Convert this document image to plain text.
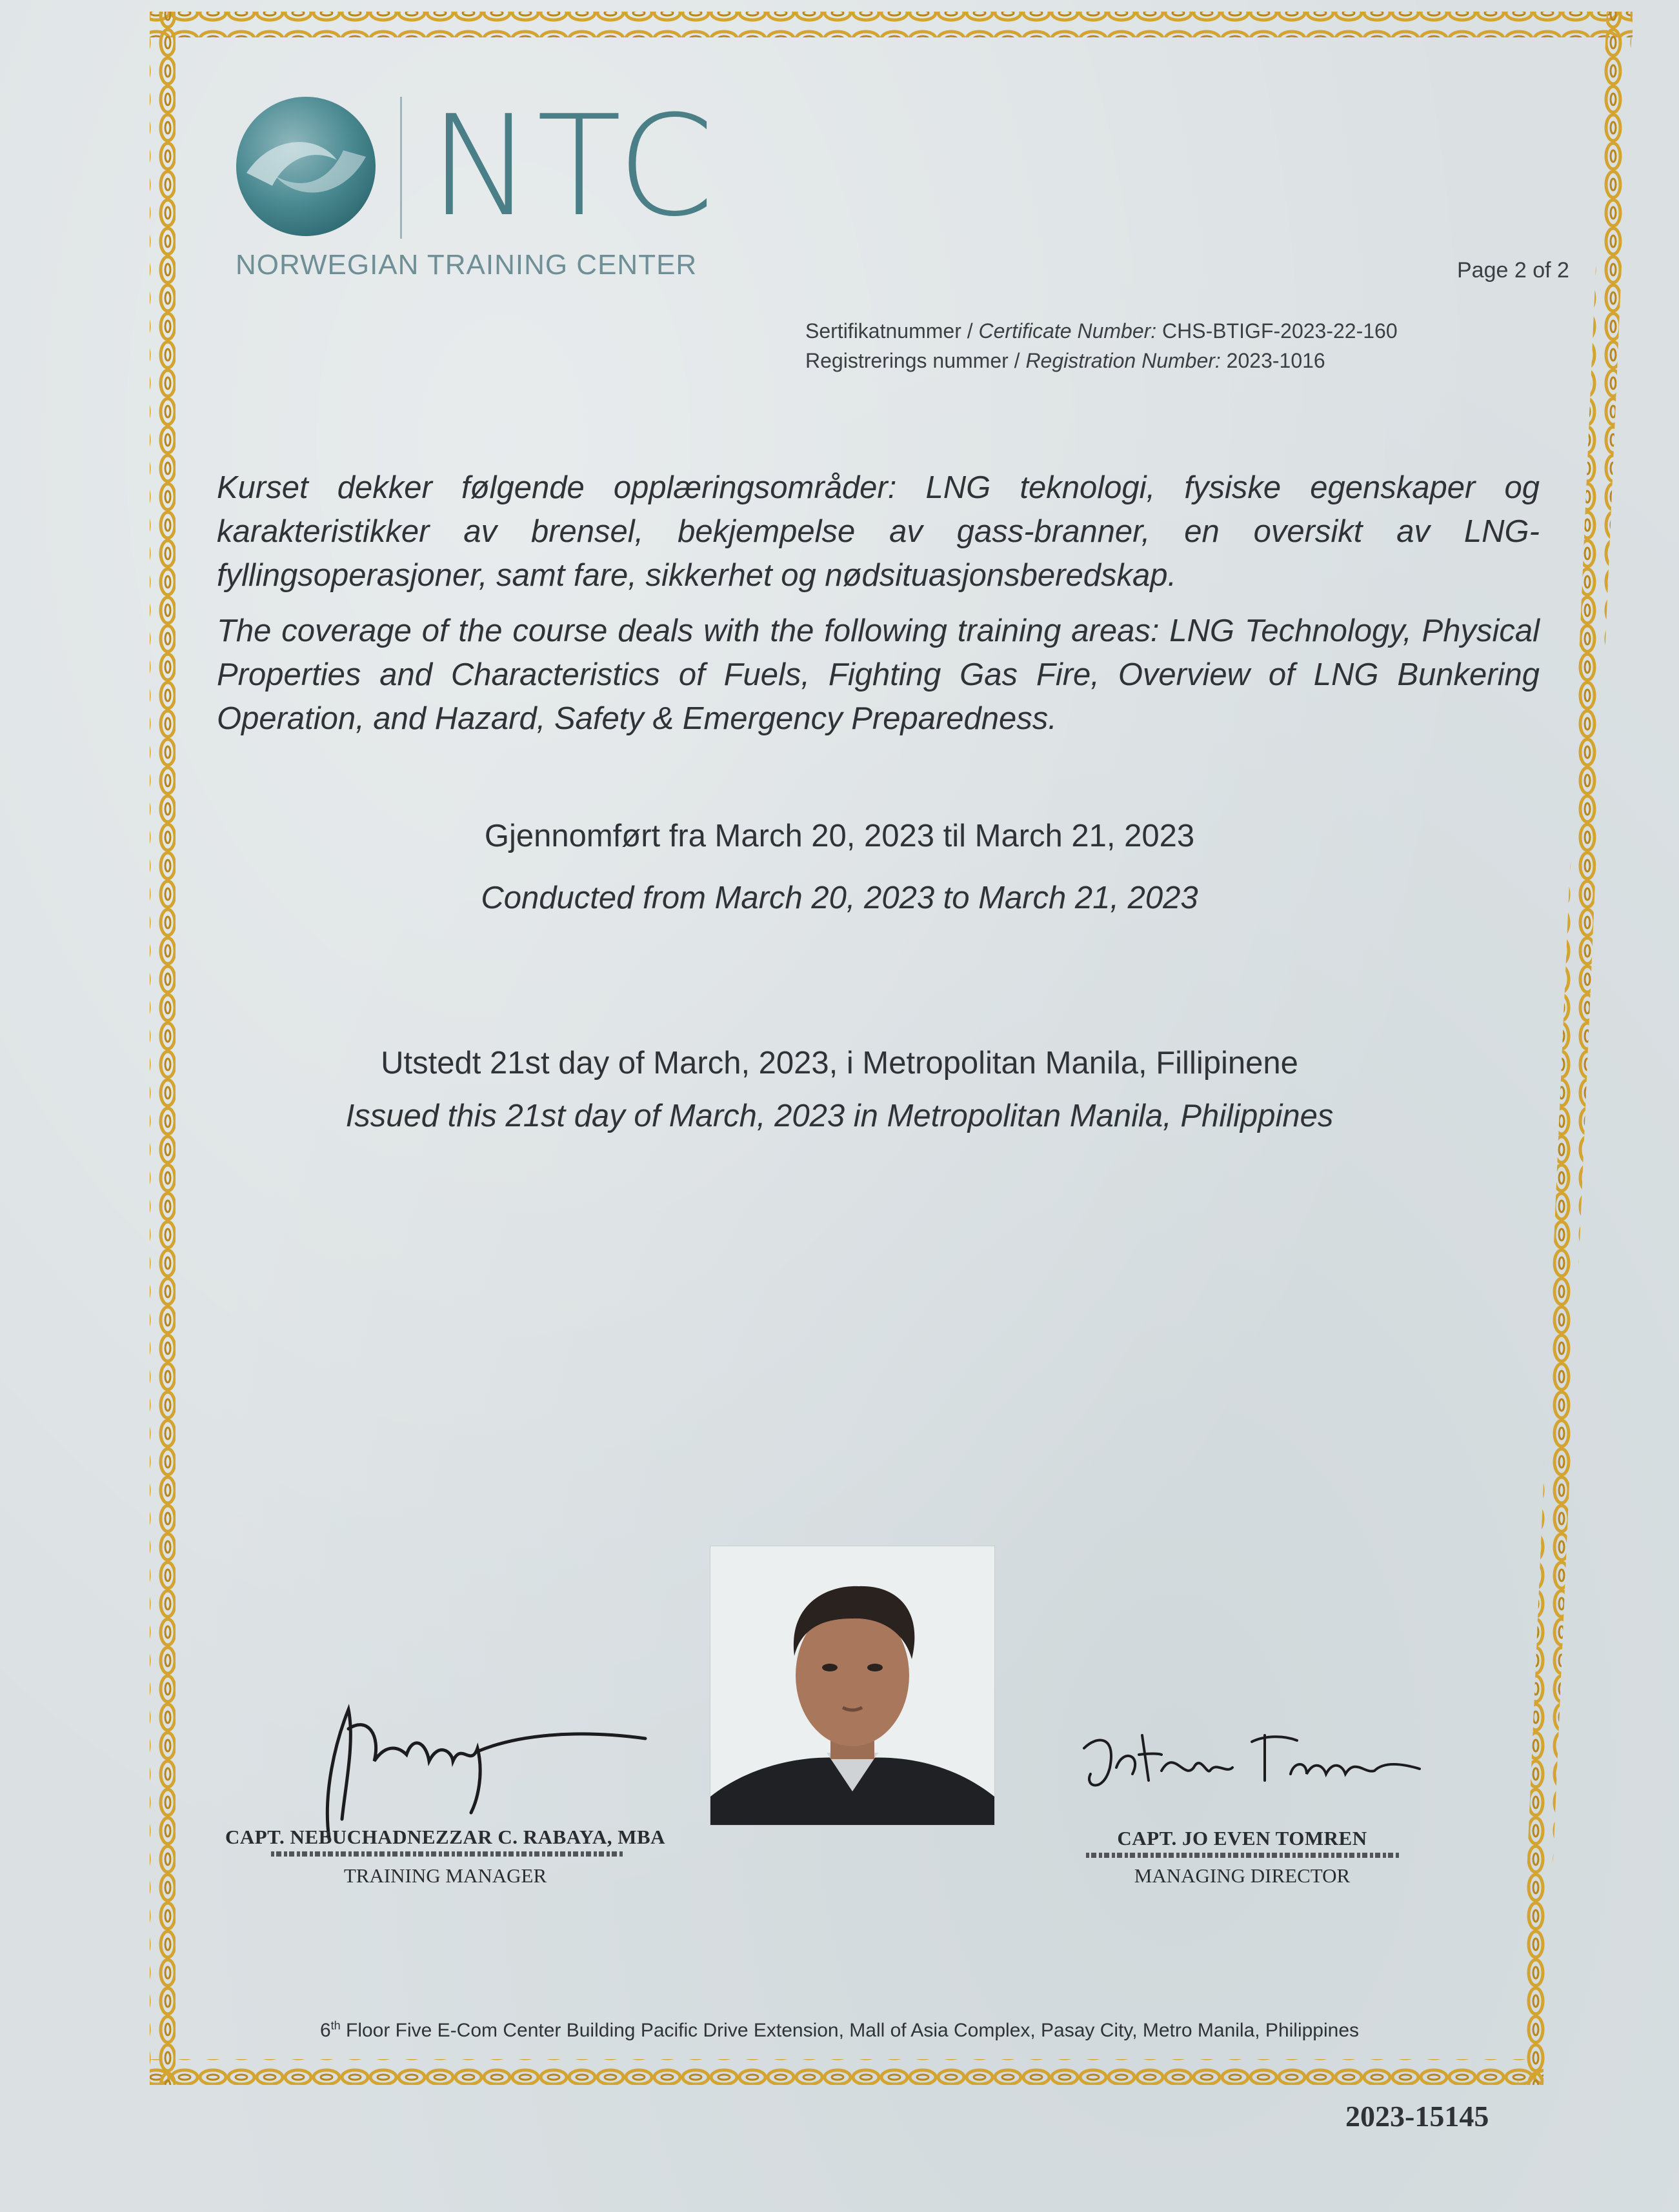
NTC
NORWEGIAN TRAINING CENTER	Page 2 of 2
Sertifikatnummer / Certificate Number: CHS-BTIGF-2023-22-160
Registrerings nummer / Registration Number: 2023-1016
Kurset dekker følgende opplæringsområder: LNG teknologi, fysiske egenskaper og karakteristikker av brensel, bekjempelse av gass-branner, en oversikt av LNG-fyllingsoperasjoner, samt fare, sikkerhet og nødsituasjonsberedskap.
The coverage of the course deals with the following training areas: LNG Technology, Physical Properties and Characteristics of Fuels, Fighting Gas Fire, Overview of LNG Bunkering Operation, and Hazard, Safety & Emergency Preparedness.
Gjennomført fra March 20, 2023 til March 21, 2023
Conducted from March 20, 2023 to March 21, 2023
Utstedt 21st day of March, 2023, i Metropolitan Manila, Fillipinene
Issued this 21st day of March, 2023 in Metropolitan Manila, Philippines
CAPT. NEBUCHADNEZZAR C. RABAYA, MBA
TRAINING MANAGER
CAPT. JO EVEN TOMREN
MANAGING DIRECTOR
6th Floor Five E-Com Center Building Pacific Drive Extension, Mall of Asia Complex, Pasay City, Metro Manila, Philippines
2023-15145
